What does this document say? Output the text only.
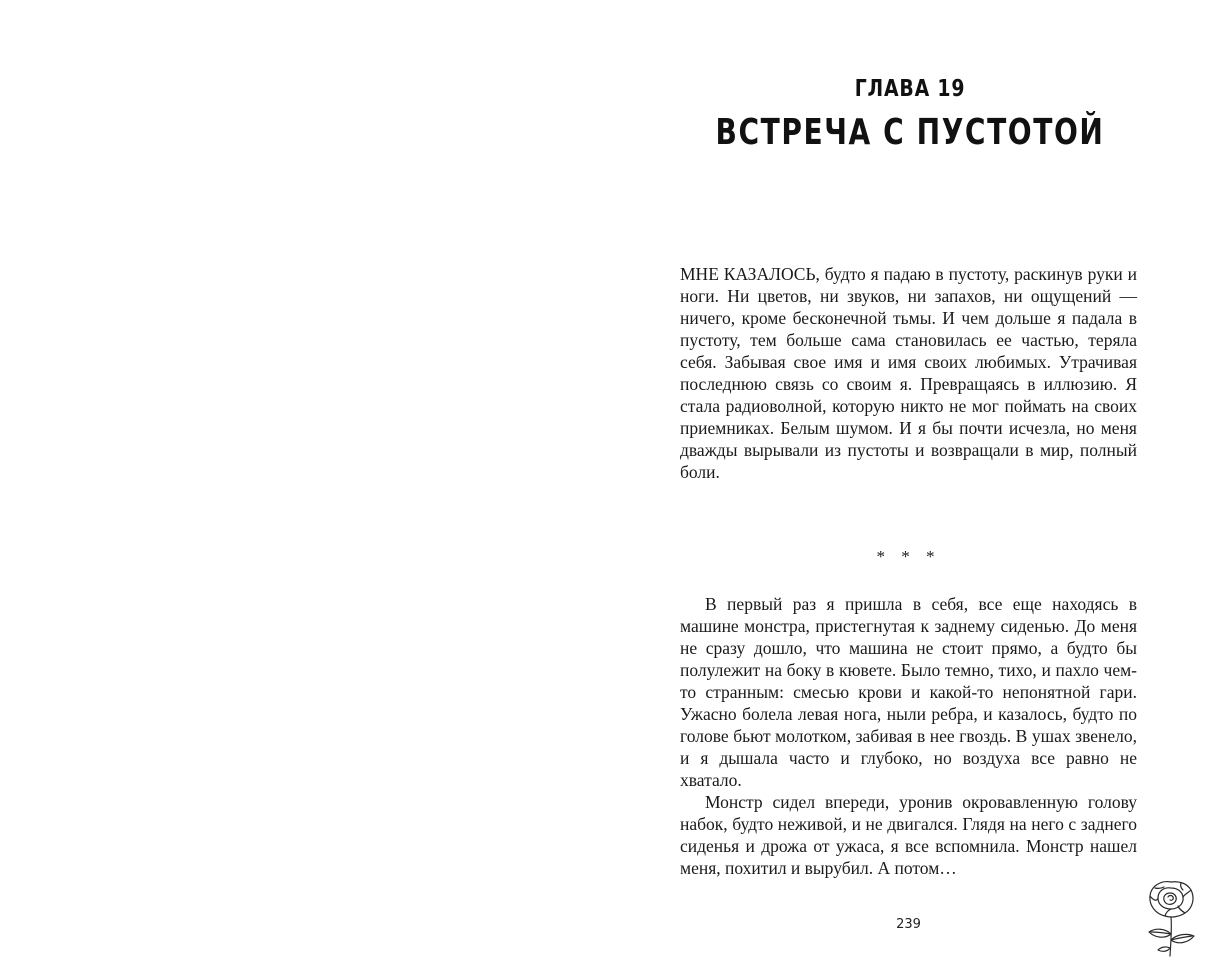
ГЛАВА 19
ВСТРЕЧА С ПУСТОТОЙ

МНЕ КАЗАЛОСЬ, будто я падаю в пустоту, раскинув руки и ноги. Ни цветов, ни звуков, ни запахов, ни ощущений — ничего, кроме бесконечной тьмы. И чем дольше я падала в пустоту, тем больше сама становилась ее частью, теряла себя. Забывая свое имя и имя своих любимых. Утрачивая последнюю связь со своим я. Превращаясь в иллюзию. Я стала радиоволной, которую никто не мог поймать на своих приемниках. Белым шумом. И я бы почти исчезла, но меня дважды вырывали из пустоты и возвращали в мир, полный боли.

* * *

В первый раз я пришла в себя, все еще находясь в машине монстра, пристегнутая к заднему сиденью. До меня не сразу дошло, что машина не стоит прямо, а будто бы полулежит на боку в кювете. Было темно, тихо, и пахло чем-то странным: смесью крови и какой-то непонятной гари. Ужасно болела левая нога, ныли ребра, и казалось, будто по голове бьют молотком, забивая в нее гвоздь. В ушах звенело, и я дышала часто и глубоко, но воздуха все равно не хватало.

Монстр сидел впереди, уронив окровавленную голову набок, будто неживой, и не двигался. Глядя на него с заднего сиденья и дрожа от ужаса, я все вспомнила. Монстр нашел меня, похитил и вырубил. А потом…

239
